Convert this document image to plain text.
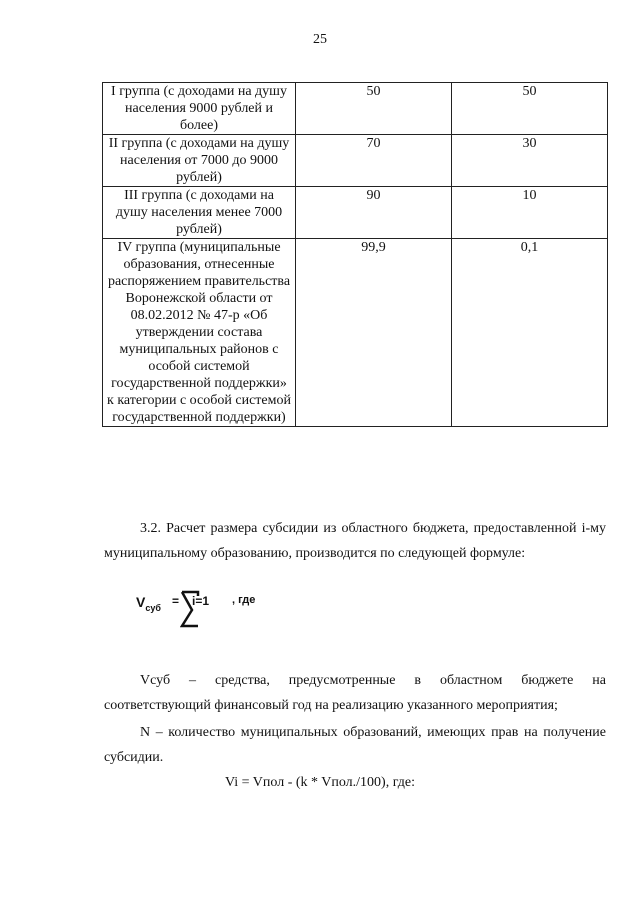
25
I группа (с доходами на душу населения 9000 рублей и более)	50	50
II группа (с доходами на душу населения от 7000 до 9000 рублей)	70	30
III группа (с доходами на душу населения менее 7000 рублей)	90	10
IV группа (муниципальные образования, отнесенные распоряжением правительства Воронежской области от 08.02.2012 № 47-р «Об утверждении состава муниципальных районов с особой системой государственной поддержки» к категории с особой системой государственной поддержки)	99,9	0,1
3.2. Расчет размера субсидии из областного бюджета, предоставленной i-му муниципальному образованию, производится по следующей формуле:
$V_{суб} = i=1$ , где
Vсуб – средства, предусмотренные в областном бюджете на соответствующий финансовый год на реализацию указанного мероприятия;
N – количество муниципальных образований, имеющих прав на получение субсидии.
Vi = Vпол - (k * Vпол./100), где:
